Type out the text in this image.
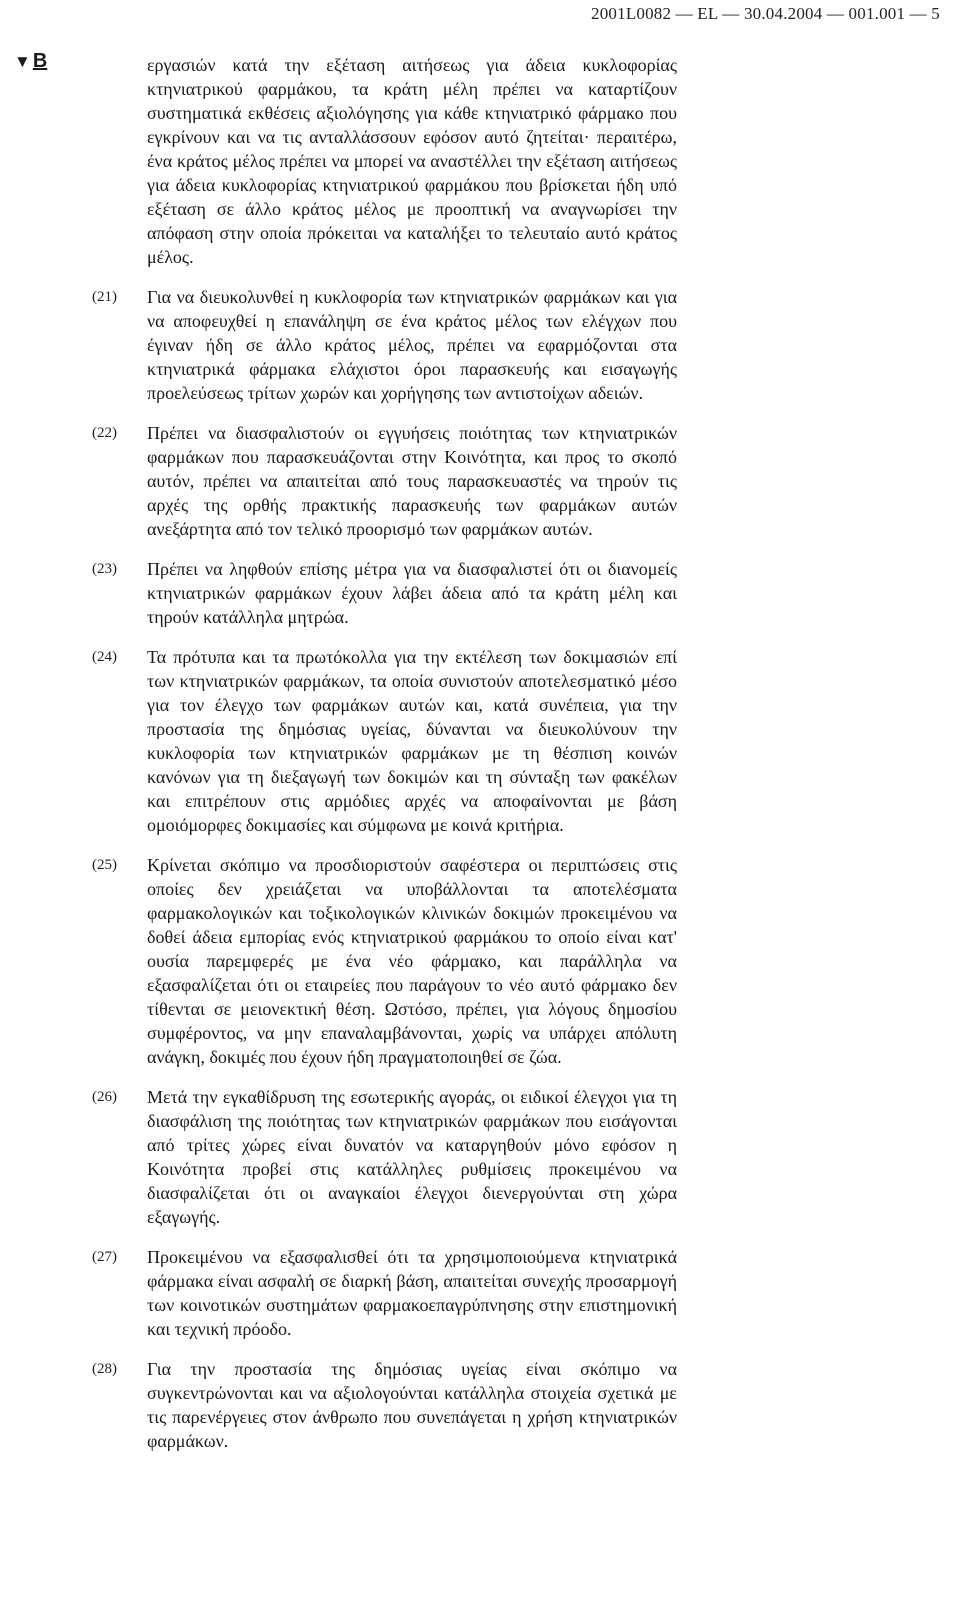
2001L0082 — EL — 30.04.2004 — 001.001 — 5
▼ B	εργασιών κατά την εξέταση αιτήσεως για άδεια κυκλοφορίας κτηνιατρικού φαρμάκου, τα κράτη μέλη πρέπει να καταρτίζουν συστηματικά εκθέσεις αξιολόγησης για κάθε κτηνιατρικό φάρμακο που εγκρίνουν και να τις ανταλλάσσουν εφόσον αυτό ζητείται· περαιτέρω, ένα κράτος μέλος πρέπει να μπορεί να αναστέλλει την εξέταση αιτήσεως για άδεια κυκλοφορίας κτηνιατρικού φαρμάκου που βρίσκεται ήδη υπό εξέταση σε άλλο κράτος μέλος με προοπτική να αναγνωρίσει την απόφαση στην οποία πρόκειται να καταλήξει το τελευταίο αυτό κράτος μέλος.

(21) Για να διευκολυνθεί η κυκλοφορία των κτηνιατρικών φαρμάκων και για να αποφευχθεί η επανάληψη σε ένα κράτος μέλος των ελέγχων που έγιναν ήδη σε άλλο κράτος μέλος, πρέπει να εφαρμόζονται στα κτηνιατρικά φάρμακα ελάχιστοι όροι παρασκευής και εισαγωγής προελεύσεως τρίτων χωρών και χορήγησης των αντιστοίχων αδειών.

(22) Πρέπει να διασφαλιστούν οι εγγυήσεις ποιότητας των κτηνιατρικών φαρμάκων που παρασκευάζονται στην Κοινότητα, και προς το σκοπό αυτόν, πρέπει να απαιτείται από τους παρασκευαστές να τηρούν τις αρχές της ορθής πρακτικής παρασκευής των φαρμάκων αυτών ανεξάρτητα από τον τελικό προορισμό των φαρμάκων αυτών.

(23) Πρέπει να ληφθούν επίσης μέτρα για να διασφαλιστεί ότι οι διανομείς κτηνιατρικών φαρμάκων έχουν λάβει άδεια από τα κράτη μέλη και τηρούν κατάλληλα μητρώα.

(24) Τα πρότυπα και τα πρωτόκολλα για την εκτέλεση των δοκιμασιών επί των κτηνιατρικών φαρμάκων, τα οποία συνιστούν αποτελεσματικό μέσο για τον έλεγχο των φαρμάκων αυτών και, κατά συνέπεια, για την προστασία της δημόσιας υγείας, δύνανται να διευκολύνουν την κυκλοφορία των κτηνιατρικών φαρμάκων με τη θέσπιση κοινών κανόνων για τη διεξαγωγή των δοκιμών και τη σύνταξη των φακέλων και επιτρέπουν στις αρμόδιες αρχές να αποφαίνονται με βάση ομοιόμορφες δοκιμασίες και σύμφωνα με κοινά κριτήρια.

(25) Κρίνεται σκόπιμο να προσδιοριστούν σαφέστερα οι περιπτώσεις στις οποίες δεν χρειάζεται να υποβάλλονται τα αποτελέσματα φαρμακολογικών και τοξικολογικών κλινικών δοκιμών προκειμένου να δοθεί άδεια εμπορίας ενός κτηνιατρικού φαρμάκου το οποίο είναι κατ' ουσία παρεμφερές με ένα νέο φάρμακο, και παράλληλα να εξασφαλίζεται ότι οι εταιρείες που παράγουν το νέο αυτό φάρμακο δεν τίθενται σε μειονεκτική θέση. Ωστόσο, πρέπει, για λόγους δημοσίου συμφέροντος, να μην επαναλαμβάνονται, χωρίς να υπάρχει απόλυτη ανάγκη, δοκιμές που έχουν ήδη πραγματοποιηθεί σε ζώα.

(26) Μετά την εγκαθίδρυση της εσωτερικής αγοράς, οι ειδικοί έλεγχοι για τη διασφάλιση της ποιότητας των κτηνιατρικών φαρμάκων που εισάγονται από τρίτες χώρες είναι δυνατόν να καταργηθούν μόνο εφόσον η Κοινότητα προβεί στις κατάλληλες ρυθμίσεις προκειμένου να διασφαλίζεται ότι οι αναγκαίοι έλεγχοι διενεργούνται στη χώρα εξαγωγής.

(27) Προκειμένου να εξασφαλισθεί ότι τα χρησιμοποιούμενα κτηνιατρικά φάρμακα είναι ασφαλή σε διαρκή βάση, απαιτείται συνεχής προσαρμογή των κοινοτικών συστημάτων φαρμακοεπαγρύπνησης στην επιστημονική και τεχνική πρόοδο.

(28) Για την προστασία της δημόσιας υγείας είναι σκόπιμο να συγκεντρώνονται και να αξιολογούνται κατάλληλα στοιχεία σχετικά με τις παρενέργειες στον άνθρωπο που συνεπάγεται η χρήση κτηνιατρικών φαρμάκων.
